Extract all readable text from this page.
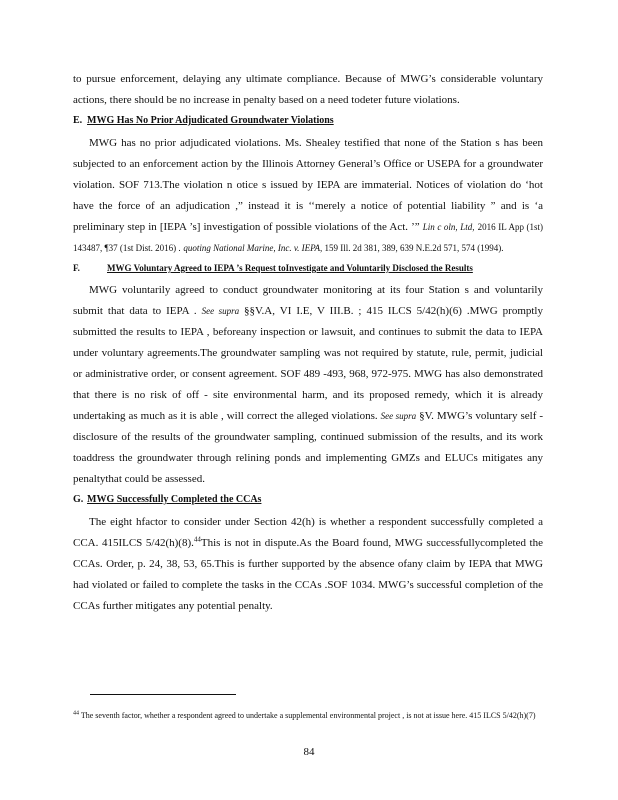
to pursue enforcement, delaying any ultimate compliance. Because of MWG’s considerable voluntary actions, there should be no increase in penalty based on a need todeter future violations.

E. MWG Has No Prior Adjudicated Groundwater Violations

MWG has no prior adjudicated violations. Ms. Shealey testified that none of the Station s has been subjected to an enforcement action by the Illinois Attorney General’s Office or USEPA for a groundwater violation. SOF 713.The violation n otice s issued by IEPA are immaterial. Notices of violation do ‘hot have the force of an adjudication ,” instead it is ‘‘merely a notice of potential liability ” and is ‘a preliminary step in [IEPA ’s] investigation of possible violations of the Act. ’” Lin c oln, Ltd, 2016 IL App (1st) 143487, ¶37 (1st Dist. 2016) . quoting National Marine, Inc. v. IEPA, 159 Ill. 2d 381, 389, 639 N.E.2d 571, 574 (1994).

F.	MWG Voluntary Agreed to IEPA ’s Request toInvestigate and Voluntarily Disclosed the Results

MWG voluntarily agreed to conduct groundwater monitoring at its four Station s and voluntarily submit that data to IEPA . See supra §§V.A, VI I.E, V III.B. ; 415 ILCS 5/42(h)(6) .MWG promptly submitted the results to IEPA , beforeany inspection or lawsuit, and continues to submit the data to IEPA under voluntary agreements.The groundwater sampling was not required by statute, rule, permit, judicial or administrative order, or consent agreement. SOF 489 -493, 968, 972-975. MWG has also demonstrated that there is no risk of off - site environmental harm, and its proposed remedy, which it is already undertaking as much as it is able , will correct the alleged violations. See supra §V. MWG’s voluntary self -disclosure of the results of the groundwater sampling, continued submission of the results, and its work toaddress the groundwater through relining ponds and implementing GMZs and ELUCs mitigates any penaltythat could be assessed.

G. MWG Successfully Completed the CCAs

The eight hfactor to consider under Section 42(h) is whether a respondent successfully completed a CCA. 415ILCS 5/42(h)(8).$^{44}$This is not in dispute.As the Board found, MWG successfullycompleted the CCAs. Order, p. 24, 38, 53, 65.This is further supported by the absence ofany claim by IEPA that MWG had violated or failed to complete the tasks in the CCAs .SOF 1034. MWG’s successful completion of the CCAs further mitigates any potential penalty.

$^{44}$ The seventh factor, whether a respondent agreed to undertake a supplemental environmental project , is not at issue here. 415 ILCS 5/42(h)(7)
84
